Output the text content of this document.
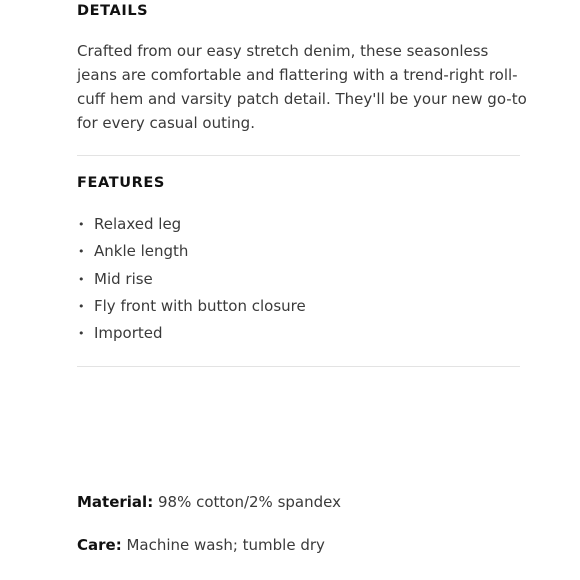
DETAILS

Crafted from our easy stretch denim, these seasonless jeans are comfortable and flattering with a trend-right roll-cuff hem and varsity patch detail. They'll be your new go-to for every casual outing.

FEATURES
• Relaxed leg
• Ankle length
• Mid rise
• Fly front with button closure
• Imported

Material: 98% cotton/2% spandex

Care: Machine wash; tumble dry
